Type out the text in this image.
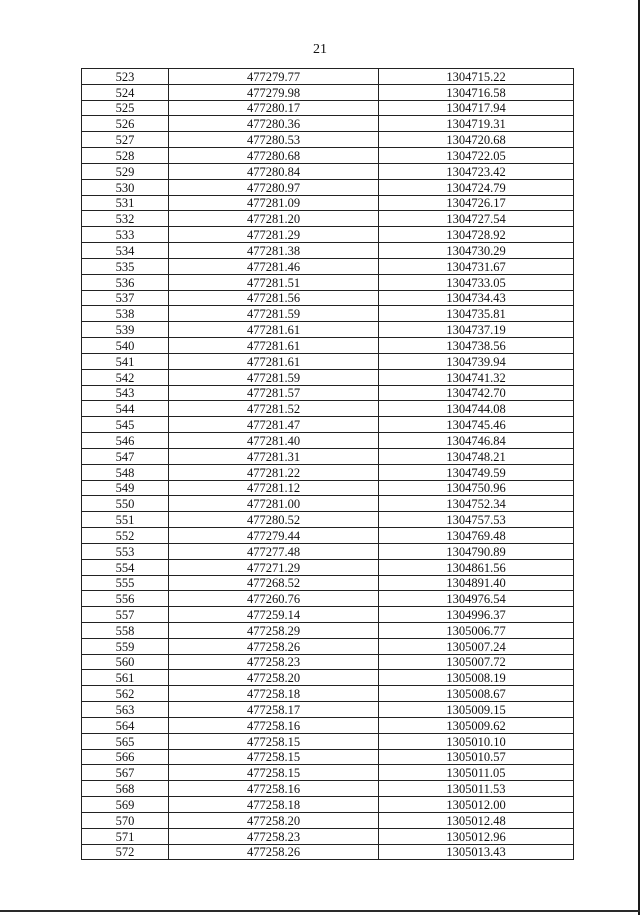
21
523	477279.77	1304715.22
524	477279.98	1304716.58
525	477280.17	1304717.94
526	477280.36	1304719.31
527	477280.53	1304720.68
528	477280.68	1304722.05
529	477280.84	1304723.42
530	477280.97	1304724.79
531	477281.09	1304726.17
532	477281.20	1304727.54
533	477281.29	1304728.92
534	477281.38	1304730.29
535	477281.46	1304731.67
536	477281.51	1304733.05
537	477281.56	1304734.43
538	477281.59	1304735.81
539	477281.61	1304737.19
540	477281.61	1304738.56
541	477281.61	1304739.94
542	477281.59	1304741.32
543	477281.57	1304742.70
544	477281.52	1304744.08
545	477281.47	1304745.46
546	477281.40	1304746.84
547	477281.31	1304748.21
548	477281.22	1304749.59
549	477281.12	1304750.96
550	477281.00	1304752.34
551	477280.52	1304757.53
552	477279.44	1304769.48
553	477277.48	1304790.89
554	477271.29	1304861.56
555	477268.52	1304891.40
556	477260.76	1304976.54
557	477259.14	1304996.37
558	477258.29	1305006.77
559	477258.26	1305007.24
560	477258.23	1305007.72
561	477258.20	1305008.19
562	477258.18	1305008.67
563	477258.17	1305009.15
564	477258.16	1305009.62
565	477258.15	1305010.10
566	477258.15	1305010.57
567	477258.15	1305011.05
568	477258.16	1305011.53
569	477258.18	1305012.00
570	477258.20	1305012.48
571	477258.23	1305012.96
572	477258.26	1305013.43
